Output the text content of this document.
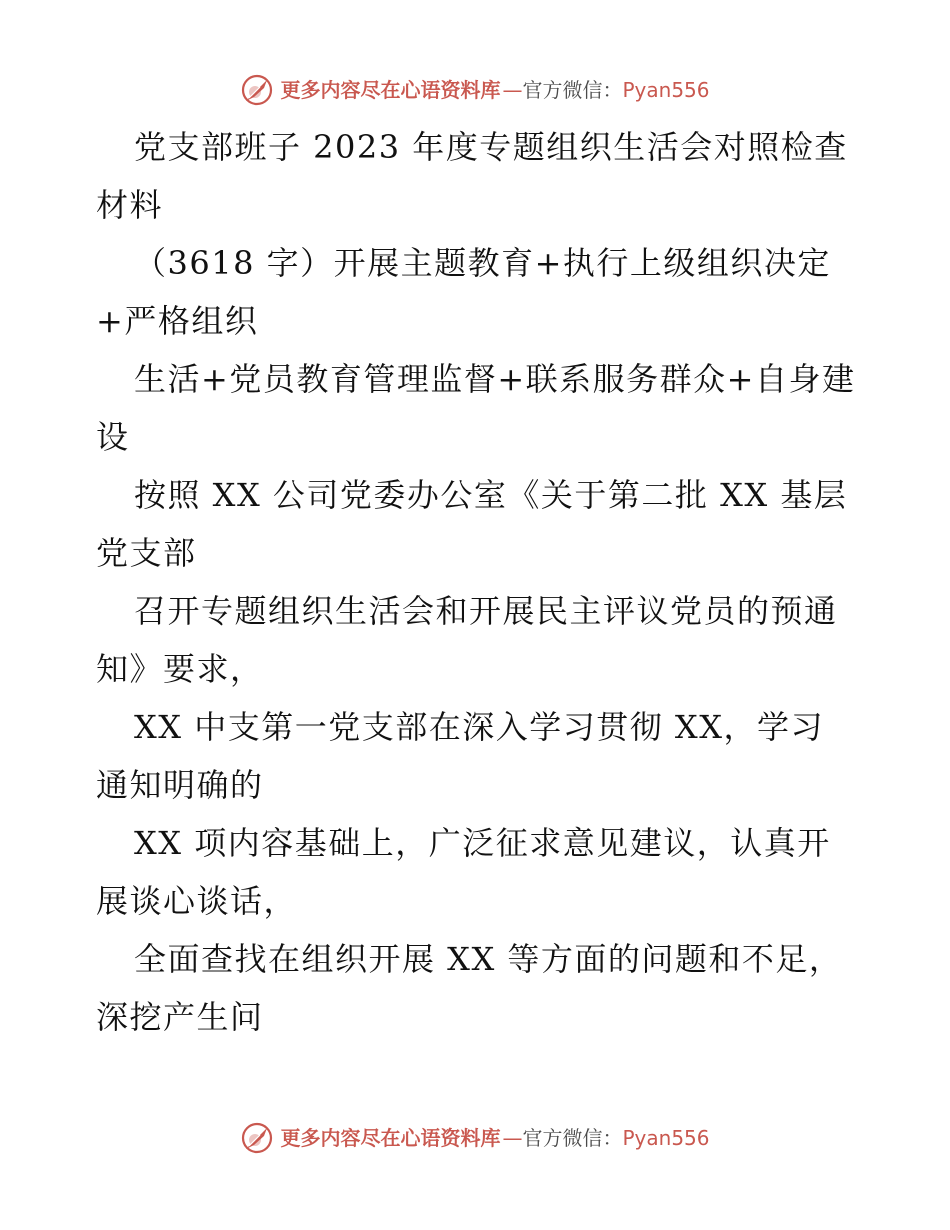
更多内容尽在心语资料库 — 官方微信： Pyan556

党支部班子 2023 年度专题组织生活会对照检查材料

（3618 字）开展主题教育+执行上级组织决定+严格组织

生活+党员教育管理监督+联系服务群众+自身建设

按照 XX 公司党委办公室《关于第二批 XX 基层党支部

召开专题组织生活会和开展民主评议党员的预通知》要求，

XX 中支第一党支部在深入学习贯彻 XX，学习通知明确的

XX 项内容基础上，广泛征求意见建议，认真开展谈心谈话，

全面查找在组织开展 XX 等方面的问题和不足，深挖产生问

更多内容尽在心语资料库 — 官方微信： Pyan556
